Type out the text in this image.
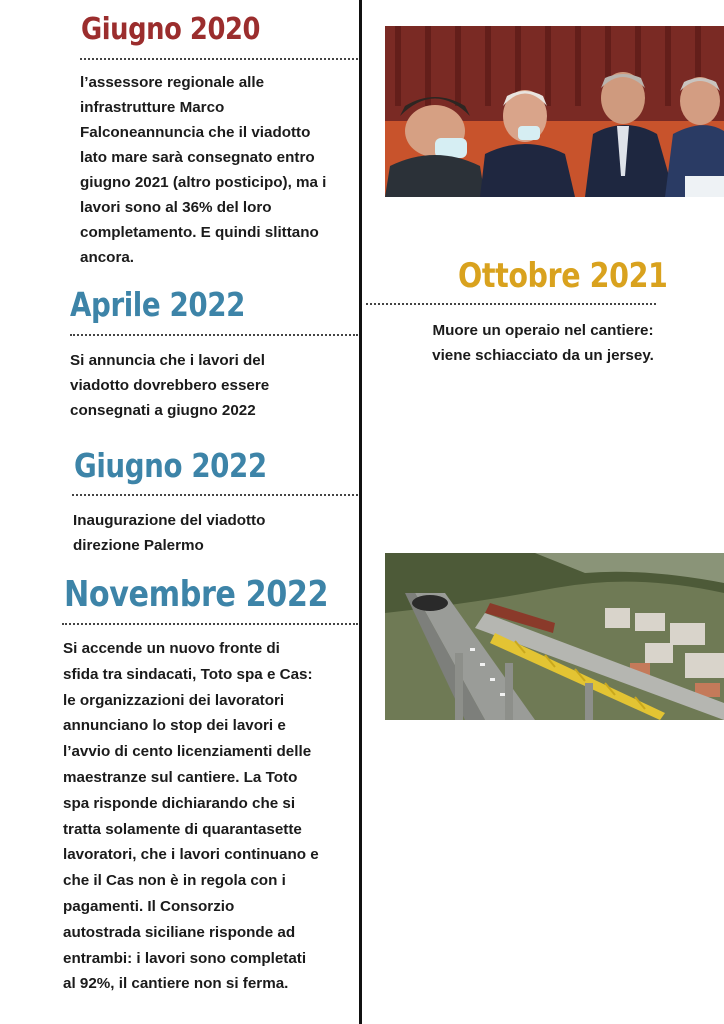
Giugno 2020
l’assessore regionale alle
infrastrutture Marco
Falconeannuncia che il viadotto
lato mare sarà consegnato entro
giugno 2021 (altro posticipo), ma i
lavori sono al 36% del loro
completamento. E quindi slittano
ancora.
Aprile 2022
Si annuncia che i lavori del
viadotto dovrebbero essere
consegnati a giugno 2022
Giugno 2022
Inaugurazione del viadotto
direzione Palermo
Novembre 2022
Si accende un nuovo fronte di
sfida tra sindacati, Toto spa e Cas:
le organizzazioni dei lavoratori
annunciano lo stop dei lavori e
l’avvio di cento licenziamenti delle
maestranze sul cantiere. La Toto
spa risponde dichiarando che si
tratta solamente di quarantasette
lavoratori, che i lavori continuano e
che il Cas non è in regola con i
pagamenti. Il Consorzio
autostrada siciliane risponde ad
entrambi: i lavori sono completati
al 92%, il cantiere non si ferma.
Ottobre 2021
Muore un operaio nel cantiere:
viene schiacciato da un jersey.
